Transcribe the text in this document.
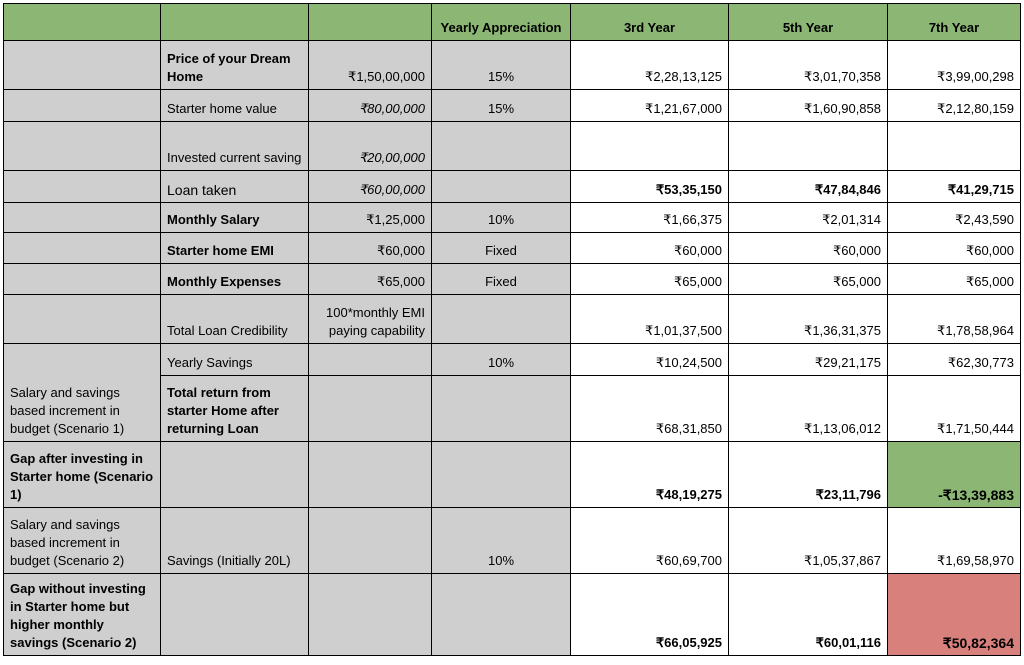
			Yearly Appreciation	3rd Year	5th Year	7th Year
	Price of your Dream Home	₹1,50,00,000	15%	₹2,28,13,125	₹3,01,70,358	₹3,99,00,298
	Starter home value	₹80,00,000	15%	₹1,21,67,000	₹1,60,90,858	₹2,12,80,159
	Invested current saving	₹20,00,000				
	Loan taken	₹60,00,000		₹53,35,150	₹47,84,846	₹41,29,715
	Monthly Salary	₹1,25,000	10%	₹1,66,375	₹2,01,314	₹2,43,590
	Starter home EMI	₹60,000	Fixed	₹60,000	₹60,000	₹60,000
	Monthly Expenses	₹65,000	Fixed	₹65,000	₹65,000	₹65,000
	Total Loan Credibility	100*monthly EMI paying capability		₹1,01,37,500	₹1,36,31,375	₹1,78,58,964
Salary and savings based increment in budget (Scenario 1)	Yearly Savings		10%	₹10,24,500	₹29,21,175	₹62,30,773
	Total return from starter Home after returning Loan			₹68,31,850	₹1,13,06,012	₹1,71,50,444
Gap after investing in Starter home (Scenario 1)				₹48,19,275	₹23,11,796	-₹13,39,883
Salary and savings based increment in budget (Scenario 2)	Savings (Initially 20L)		10%	₹60,69,700	₹1,05,37,867	₹1,69,58,970
Gap without investing in Starter home but higher monthly savings (Scenario 2)				₹66,05,925	₹60,01,116	₹50,82,364
